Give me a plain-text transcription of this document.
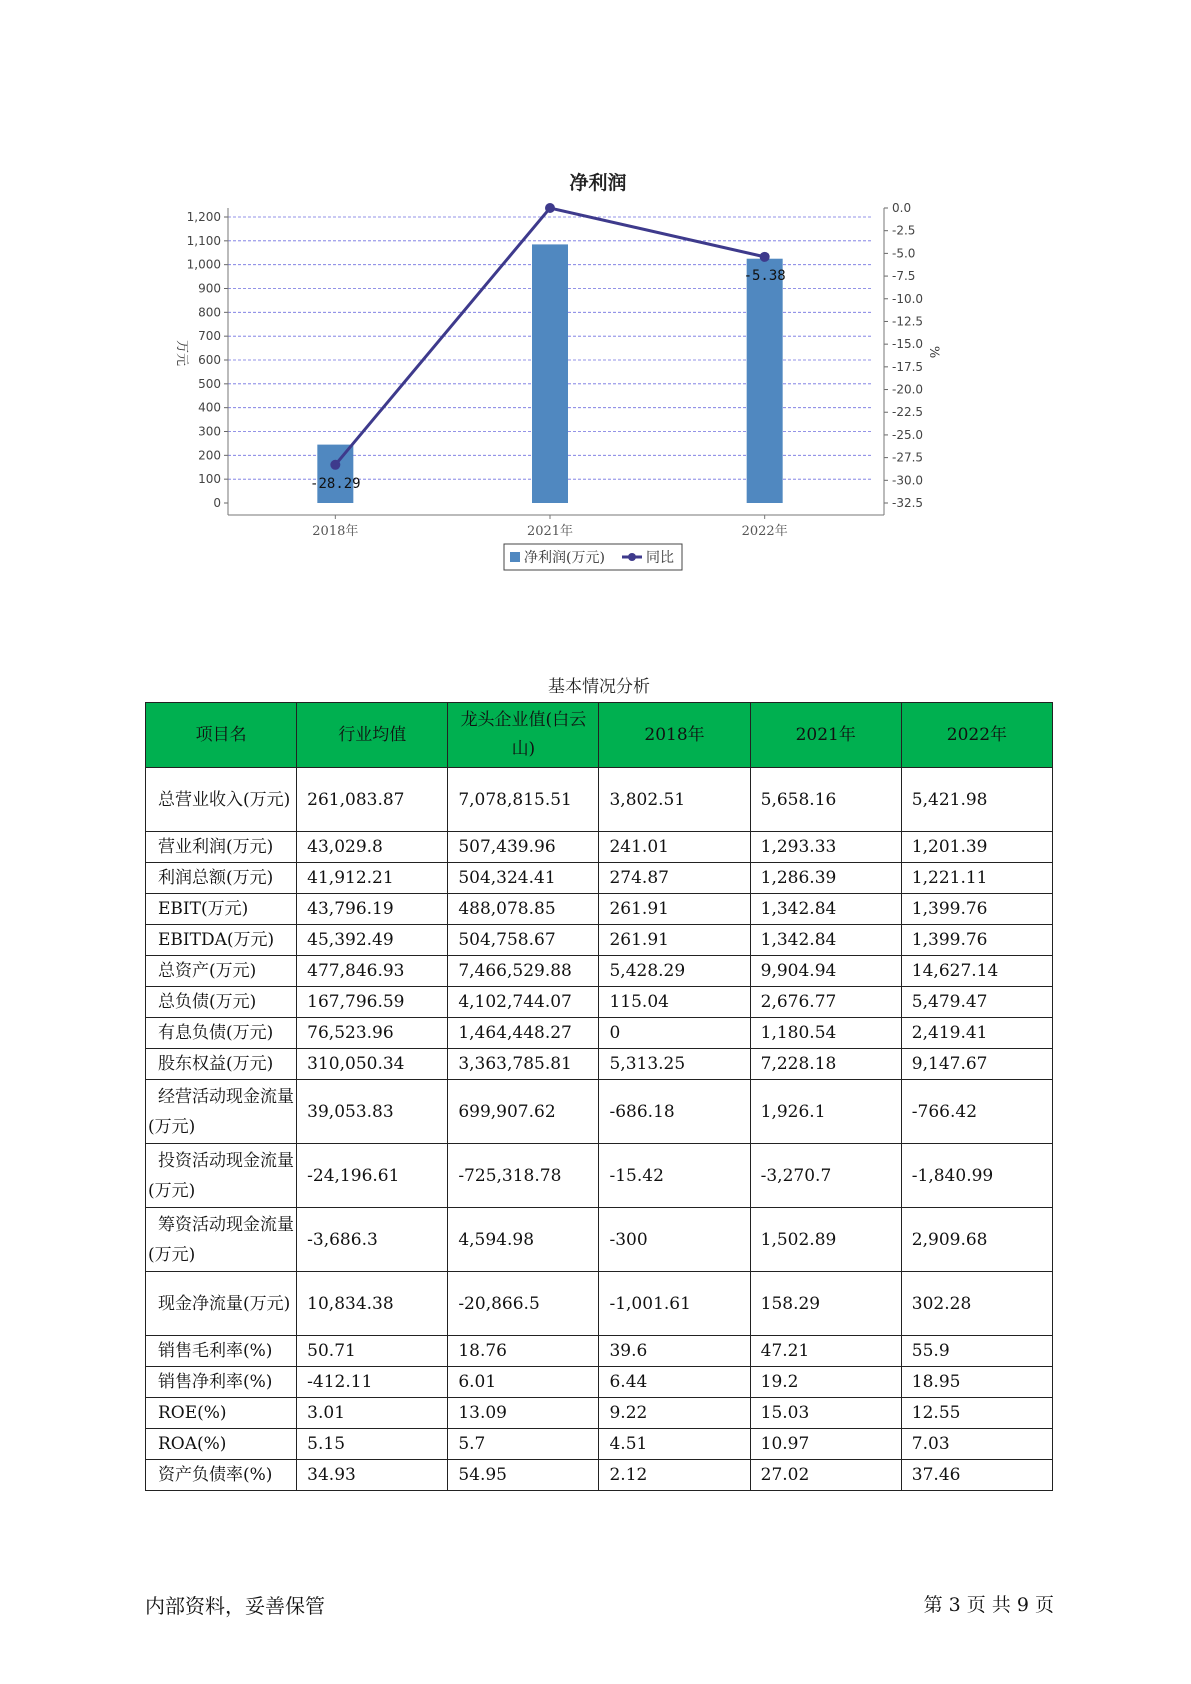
净利润
0
100
200
300
400
500
600
700
800
900
1,000
1,100
1,200
0.0
-2.5
-5.0
-7.5
-10.0
-12.5
-15.0
-17.5
-20.0
-22.5
-25.0
-27.5
-30.0
-32.5
2018年	2021年	2022年
-28.29
-5.38
万元	%
净利润(万元)	同比
基本情况分析
项目名	行业均值	龙头企业值(白云山)	2018年	2021年	2022年
总营业收入(万元)	261,083.87	7,078,815.51	3,802.51	5,658.16	5,421.98
营业利润(万元)	43,029.8	507,439.96	241.01	1,293.33	1,201.39
利润总额(万元)	41,912.21	504,324.41	274.87	1,286.39	1,221.11
EBIT(万元)	43,796.19	488,078.85	261.91	1,342.84	1,399.76
EBITDA(万元)	45,392.49	504,758.67	261.91	1,342.84	1,399.76
总资产(万元)	477,846.93	7,466,529.88	5,428.29	9,904.94	14,627.14
总负债(万元)	167,796.59	4,102,744.07	115.04	2,676.77	5,479.47
有息负债(万元)	76,523.96	1,464,448.27	0	1,180.54	2,419.41
股东权益(万元)	310,050.34	3,363,785.81	5,313.25	7,228.18	9,147.67
经营活动现金流量(万元)	39,053.83	699,907.62	-686.18	1,926.1	-766.42
投资活动现金流量(万元)	-24,196.61	-725,318.78	-15.42	-3,270.7	-1,840.99
筹资活动现金流量(万元)	-3,686.3	4,594.98	-300	1,502.89	2,909.68
现金净流量(万元)	10,834.38	-20,866.5	-1,001.61	158.29	302.28
销售毛利率(%)	50.71	18.76	39.6	47.21	55.9
销售净利率(%)	-412.11	6.01	6.44	19.2	18.95
ROE(%)	3.01	13.09	9.22	15.03	12.55
ROA(%)	5.15	5.7	4.51	10.97	7.03
资产负债率(%)	34.93	54.95	2.12	27.02	37.46
内部资料，妥善保管	第 3 页 共 9 页
